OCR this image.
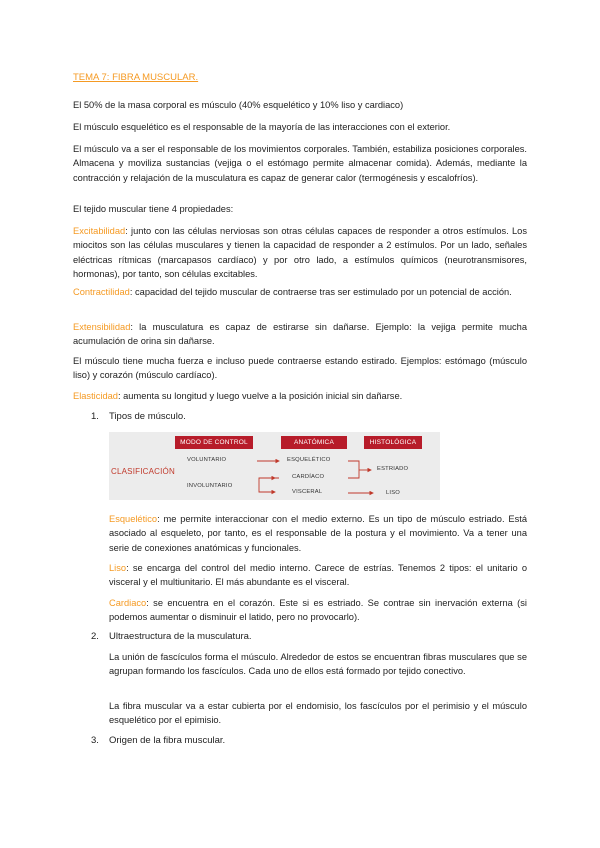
TEMA 7: FIBRA MUSCULAR.

El 50% de la masa corporal es músculo (40% esquelético y 10% liso y cardiaco)

El músculo esquelético es el responsable de la mayoría de las interacciones con el exterior.

El músculo va a ser el responsable de los movimientos corporales. También, estabiliza posiciones corporales. Almacena y moviliza sustancias (vejiga o el estómago permite almacenar comida). Además, mediante la contracción y relajación de la musculatura es capaz de generar calor (termogénesis y escalofríos).

El tejido muscular tiene 4 propiedades:

Excitabilidad: junto con las células nerviosas son otras células capaces de responder a otros estímulos. Los miocitos son las células musculares y tienen la capacidad de responder a 2 estímulos. Por un lado, señales eléctricas rítmicas (marcapasos cardíaco) y por otro lado, a estímulos químicos (neurotransmisores, hormonas), por tanto, son células excitables.

Contractilidad: capacidad del tejido muscular de contraerse tras ser estimulado por un potencial de acción.

Extensibilidad: la musculatura es capaz de estirarse sin dañarse. Ejemplo: la vejiga permite mucha acumulación de orina sin dañarse.

El músculo tiene mucha fuerza e incluso puede contraerse estando estirado. Ejemplos: estómago (músculo liso) y corazón (músculo cardíaco).

Elasticidad: aumenta su longitud y luego vuelve a la posición inicial sin dañarse.

1. Tipos de músculo.
MODO DE CONTROL	ANATÓMICA	HISTOLÓGICA
CLASIFICACIÓN
VOLUNTARIO
INVOLUNTARIO
ESQUELÉTICO
CARDÍACO
VISCERAL
ESTRIADO
LISO

Esquelético: me permite interaccionar con el medio externo. Es un tipo de músculo estriado. Está asociado al esqueleto, por tanto, es el responsable de la postura y el movimiento. Va a tener una serie de conexiones anatómicas y funcionales.

Liso: se encarga del control del medio interno. Carece de estrías. Tenemos 2 tipos: el unitario o visceral y el multiunitario. El más abundante es el visceral.

Cardiaco: se encuentra en el corazón. Este si es estriado. Se contrae sin inervación externa (si podemos aumentar o disminuir el latido, pero no provocarlo).

2. Ultraestructura de la musculatura.

La unión de fascículos forma el músculo. Alrededor de estos se encuentran fibras musculares que se agrupan formando los fascículos. Cada uno de ellos está formado por tejido conectivo.

La fibra muscular va a estar cubierta por el endomisio, los fascículos por el perimisio y el músculo esquelético por el epimisio.

3. Origen de la fibra muscular.
